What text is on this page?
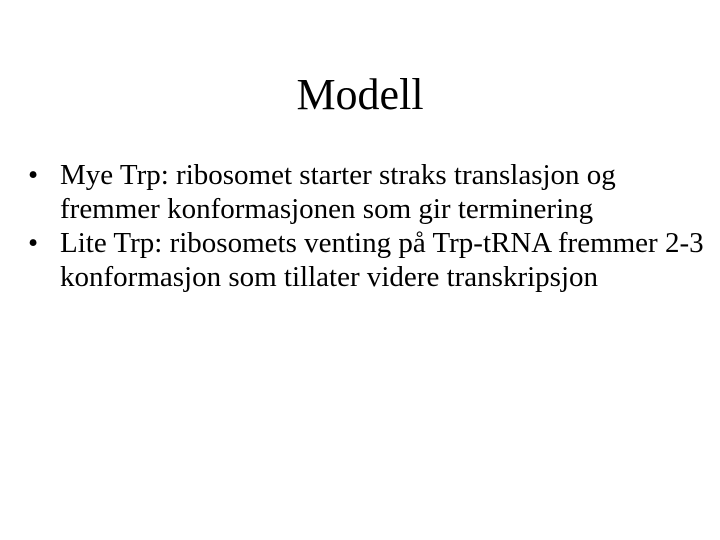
Modell
• Mye Trp: ribosomet starter straks translasjon og fremmer konformasjonen som gir terminering
• Lite Trp: ribosomets venting på Trp-tRNA fremmer 2-3 konformasjon som tillater videre transkripsjon
